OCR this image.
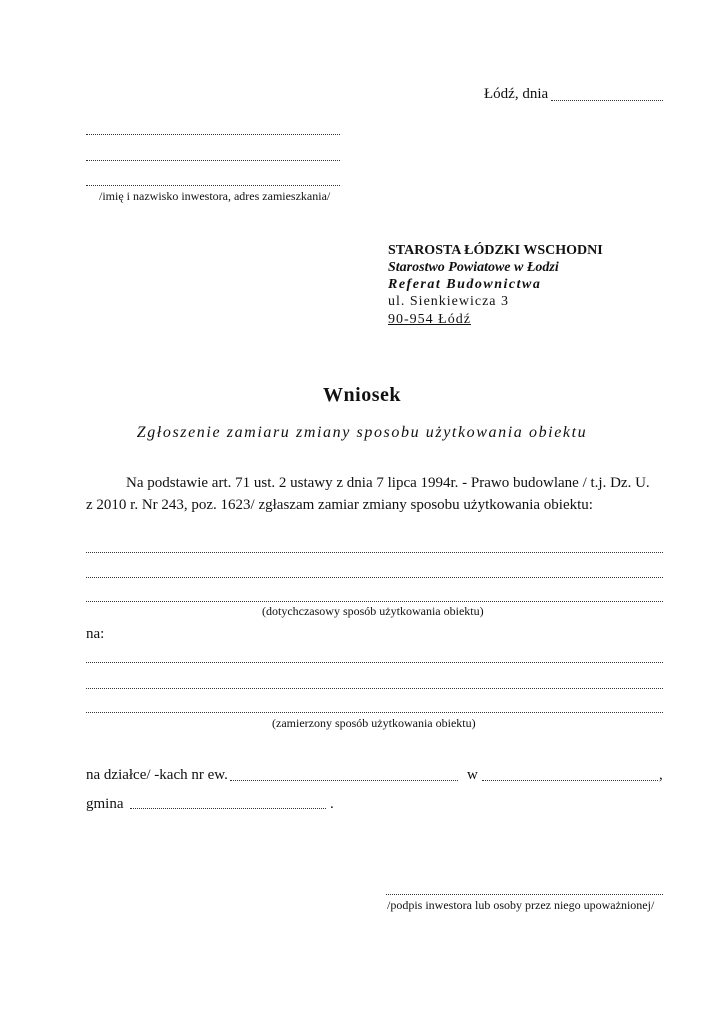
Łódź, dnia
/imię i nazwisko inwestora, adres zamieszkania/
STAROSTA ŁÓDZKI WSCHODNI
Starostwo Powiatowe w Łodzi
Referat Budownictwa
ul. Sienkiewicza 3
90-954 Łódź
Wniosek
Zgłoszenie zamiaru zmiany sposobu użytkowania obiektu
Na podstawie art. 71 ust. 2 ustawy z dnia 7 lipca 1994r. - Prawo budowlane / t.j. Dz. U.
z 2010 r. Nr 243, poz. 1623/ zgłaszam zamiar zmiany sposobu użytkowania obiektu:
(dotychczasowy sposób użytkowania obiektu)
na:
(zamierzony sposób użytkowania obiektu)
na działce/ -kach nr ew.	w	,
gmina	.
/podpis inwestora lub osoby przez niego upoważnionej/
